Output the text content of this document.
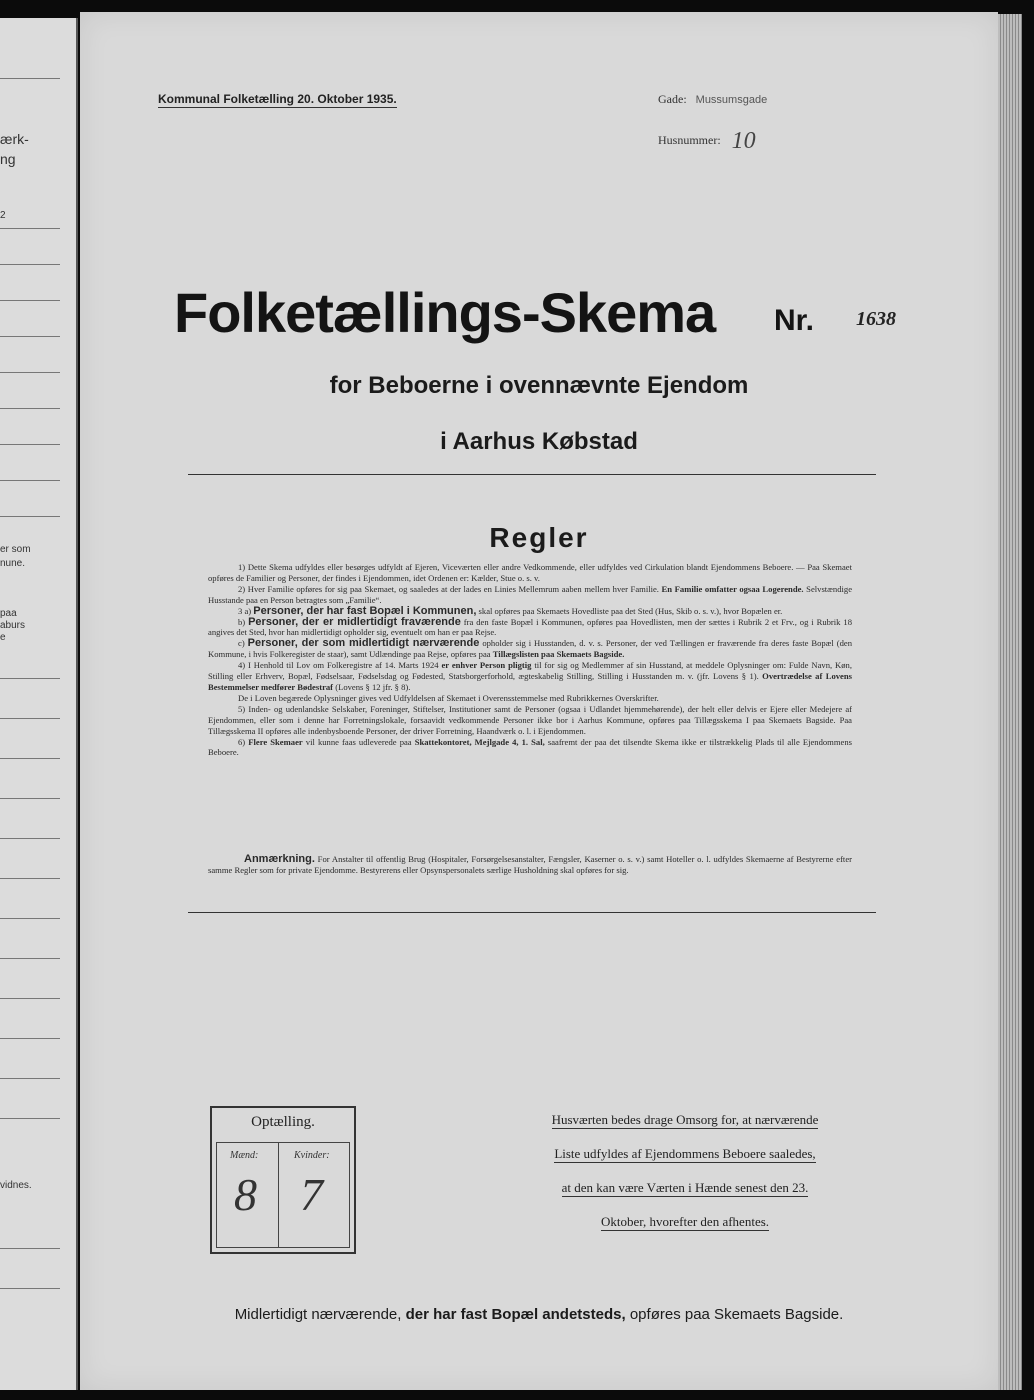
ærk-
ng
2
er som
nune.
paa
aburs
e
vidnes.
Kommunal Folketælling 20. Oktober 1935.	Gade: Mussumsgade
Husnummer: 10
Folketællings-Skema Nr. 1638
for Beboerne i ovennævnte Ejendom
i Aarhus Købstad
Regler

1) Dette Skema udfyldes eller besørges udfyldt af Ejeren, Viceværten eller andre Vedkommende, eller udfyldes ved Cirkulation blandt Ejendommens Beboere. — Paa Skemaet opføres de Familier og Personer, der findes i Ejendommen, idet Ordenen er: Kælder, Stue o. s. v.

2) Hver Familie opføres for sig paa Skemaet, og saaledes at der lades en Linies Mellemrum aaben mellem hver Familie. En Familie omfatter ogsaa Logerende. Selvstændige Husstande paa en Person betragtes som „Familie“.

3 a) Personer, der har fast Bopæl i Kommunen, skal opføres paa Skemaets Hovedliste paa det Sted (Hus, Skib o. s. v.), hvor Bopælen er.

b) Personer, der er midlertidigt fraværende fra den faste Bopæl i Kommunen, opføres paa Hovedlisten, men der sættes i Rubrik 2 et Frv., og i Rubrik 18 angives det Sted, hvor han midlertidigt opholder sig, eventuelt om han er paa Rejse.

c) Personer, der som midlertidigt nærværende opholder sig i Husstanden, d. v. s. Personer, der ved Tællingen er fraværende fra deres faste Bopæl (den Kommune, i hvis Folkeregister de staar), samt Udlændinge paa Rejse, opføres paa Tillægslisten paa Skemaets Bagside.

4) I Henhold til Lov om Folkeregistre af 14. Marts 1924 er enhver Person pligtig til for sig og Medlemmer af sin Husstand, at meddele Oplysninger om: Fulde Navn, Køn, Stilling eller Erhverv, Bopæl, Fødselsaar, Fødselsdag og Fødested, Statsborgerforhold, ægteskabelig Stilling, Stilling i Husstanden m. v. (jfr. Lovens § 1). Overtrædelse af Lovens Bestemmelser medfører Bødestraf (Lovens § 12 jfr. § 8).

De i Loven begærede Oplysninger gives ved Udfyldelsen af Skemaet i Overensstemmelse med Rubrikkernes Overskrifter.

5) Inden- og udenlandske Selskaber, Foreninger, Stiftelser, Institutioner samt de Personer (ogsaa i Udlandet hjemmehørende), der helt eller delvis er Ejere eller Medejere af Ejendommen, eller som i denne har Forretningslokale, forsaavidt vedkommende Personer ikke bor i Aarhus Kommune, opføres paa Tillægsskema I paa Skemaets Bagside. Paa Tillægsskema II opføres alle indenbysboende Personer, der driver Forretning, Haandværk o. l. i Ejendommen.

6) Flere Skemaer vil kunne faas udleverede paa Skattekontoret, Mejlgade 4, 1. Sal, saafremt der paa det tilsendte Skema ikke er tilstrækkelig Plads til alle Ejendommens Beboere.

Anmærkning. For Anstalter til offentlig Brug (Hospitaler, Forsørgelsesanstalter, Fængsler, Kaserner o. s. v.) samt Hoteller o. l. udfyldes Skemaerne af Bestyrerne efter samme Regler som for private Ejendomme. Bestyrerens eller Opsynspersonalets særlige Husholdning skal opføres for sig.
Optælling.
Mænd:	Kvinder:
8 7
Husværten bedes drage Omsorg for, at nærværende
Liste udfyldes af Ejendommens Beboere saaledes,
at den kan være Værten i Hænde senest den 23.
Oktober, hvorefter den afhentes.
Midlertidigt nærværende, der har fast Bopæl andetsteds, opføres paa Skemaets Bagside.
